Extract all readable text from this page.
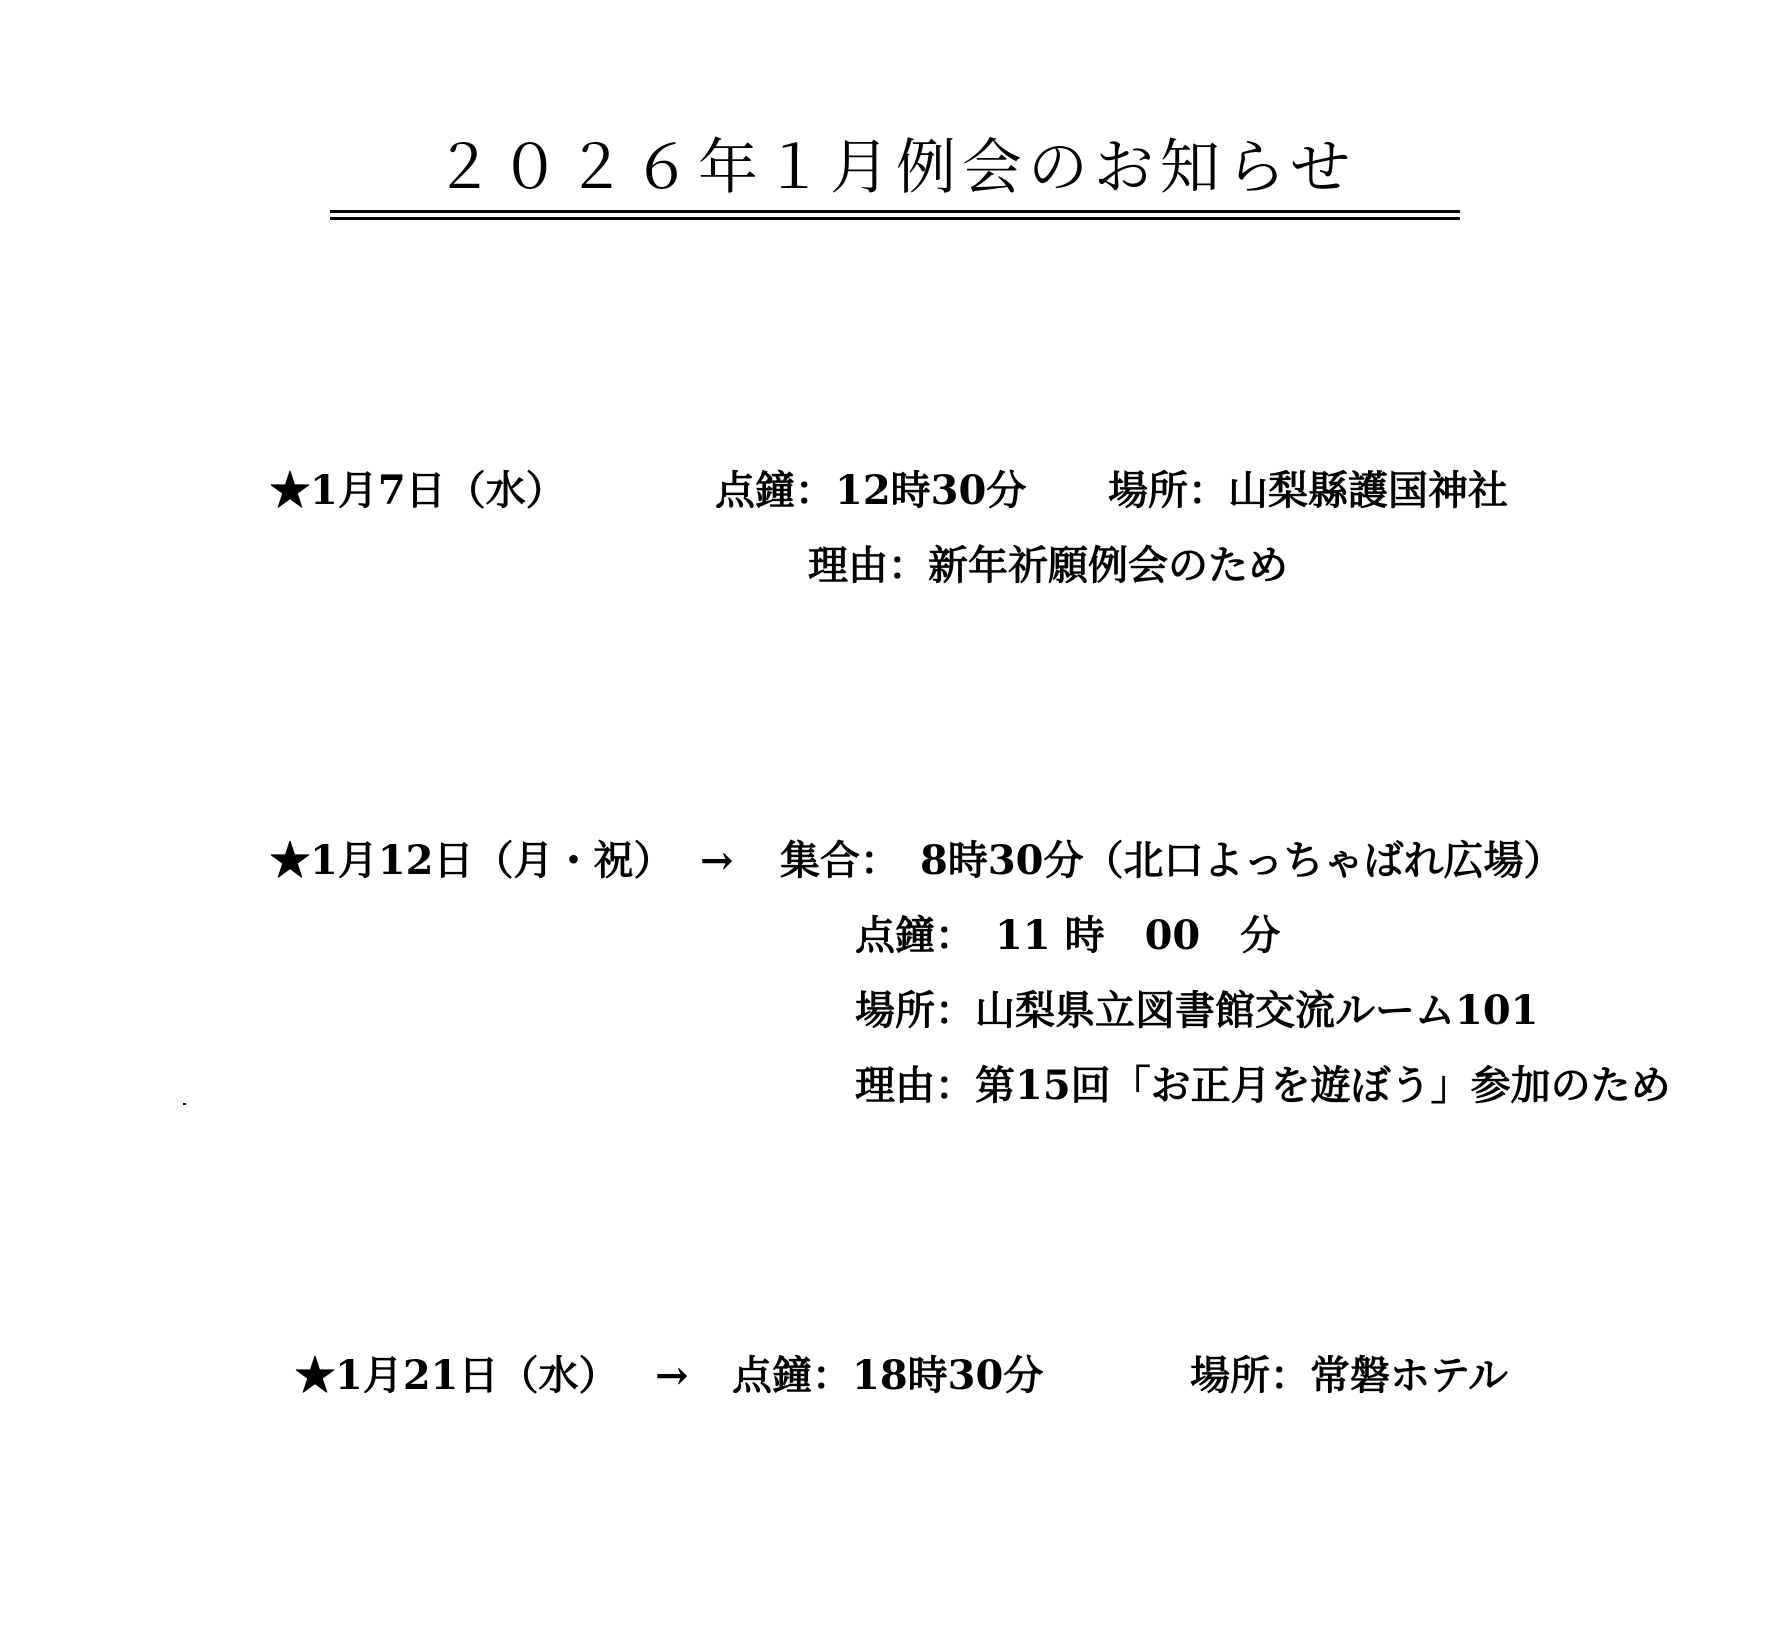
２０２６年１月例会のお知らせ
★1月7日（水）	点鐘：12時30分 場所：山梨縣護国神社
理由：新年祈願例会のため
★1月12日（月・祝） → 集合：　8時30分（北口よっちゃばれ広場）
点鐘：　11 時　00　分
場所：山梨県立図書館交流ルーム101
理由：第15回「お正月を遊ぼう」参加のため
★1月21日（水） → 点鐘：18時30分	場所：常磐ホテル
